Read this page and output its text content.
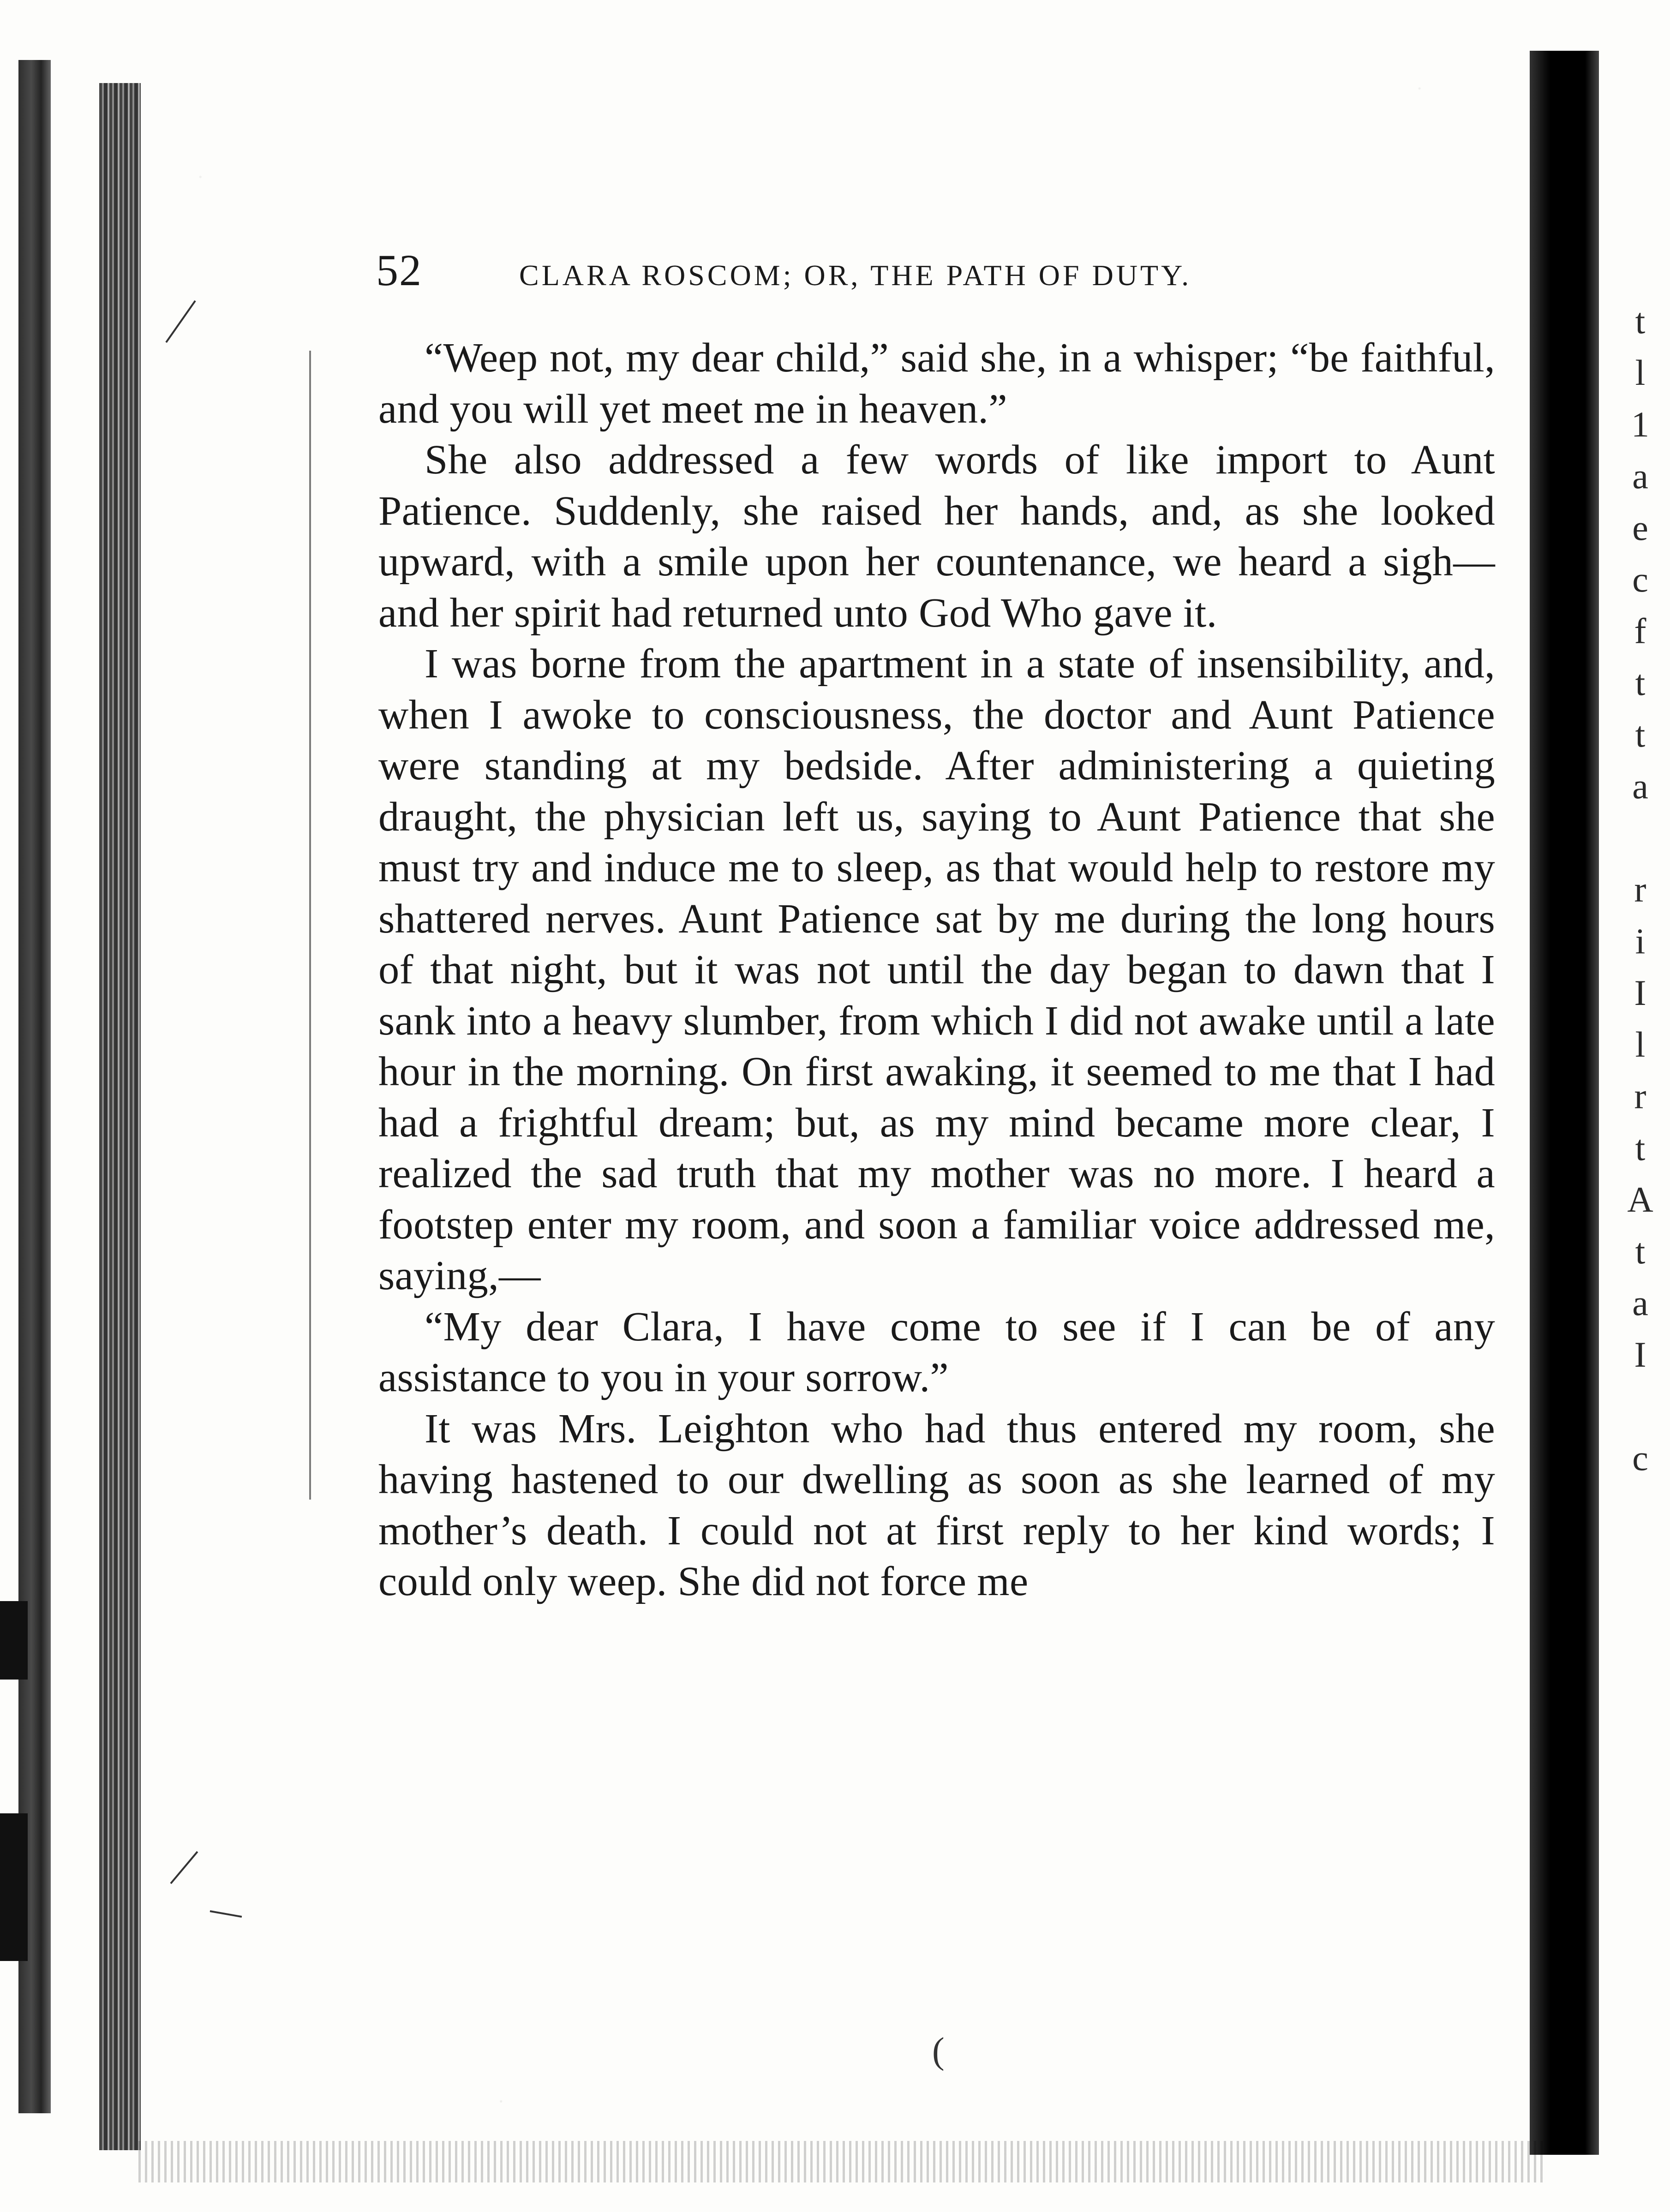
t
l
1
a
e
c
f
t
t
a

r
i
I
l
r
t
A
t
a
I

c
(
52	CLARA ROSCOM; OR, THE PATH OF DUTY.

“Weep not, my dear child,” said she, in a whisper; “be faithful, and you will yet meet me in heaven.”

She also addressed a few words of like import to Aunt Patience. Suddenly, she raised her hands, and, as she looked upward, with a smile upon her countenance, we heard a sigh—and her spirit had returned unto God Who gave it.

I was borne from the apartment in a state of insensibility, and, when I awoke to consciousness, the doctor and Aunt Patience were standing at my bedside. After administering a quieting draught, the physician left us, saying to Aunt Patience that she must try and induce me to sleep, as that would help to restore my shattered nerves. Aunt Patience sat by me during the long hours of that night, but it was not until the day began to dawn that I sank into a heavy slumber, from which I did not awake until a late hour in the morning. On first awaking, it seemed to me that I had had a frightful dream; but, as my mind became more clear, I realized the sad truth that my mother was no more. I heard a footstep enter my room, and soon a familiar voice addressed me, saying,—

“My dear Clara, I have come to see if I can be of any assistance to you in your sorrow.”

It was Mrs. Leighton who had thus entered my room, she having hastened to our dwelling as soon as she learned of my mother’s death. I could not at first reply to her kind words; I could only weep. She did not force me
